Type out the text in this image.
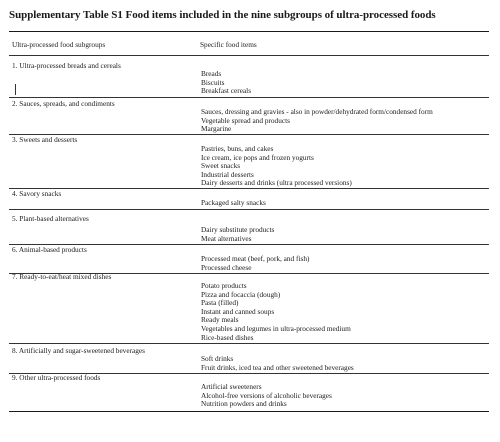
Supplementary Table S1 Food items included in the nine subgroups of ultra-processed foods
Ultra-processed food subgroups	Specific food items
1. Ultra-processed breads and cereals
Breads
Biscuits
Breakfast cereals
2. Sauces, spreads, and condiments
Sauces, dressing and gravies - also in powder/dehydrated form/condensed form
Vegetable spread and products
Margarine
3. Sweets and desserts
Pastries, buns, and cakes
Ice cream, ice pops and frozen yogurts
Sweet snacks
Industrial desserts
Dairy desserts and drinks (ultra processed versions)
4. Savory snacks
Packaged salty snacks
5. Plant-based alternatives
Dairy substitute products
Meat alternatives
6. Animal-based products
Processed meat (beef, pork, and fish)
Processed cheese
7. Ready-to-eat/heat mixed dishes
Potato products
Pizza and focaccia (dough)
Pasta (filled)
Instant and canned soups
Ready meals
Vegetables and legumes in ultra-processed medium
Rice-based dishes
8. Artificially and sugar-sweetened beverages
Soft drinks
Fruit drinks, iced tea and other sweetened beverages
9. Other ultra-processed foods
Artificial sweeteners
Alcohol-free versions of alcoholic beverages
Nutrition powders and drinks
